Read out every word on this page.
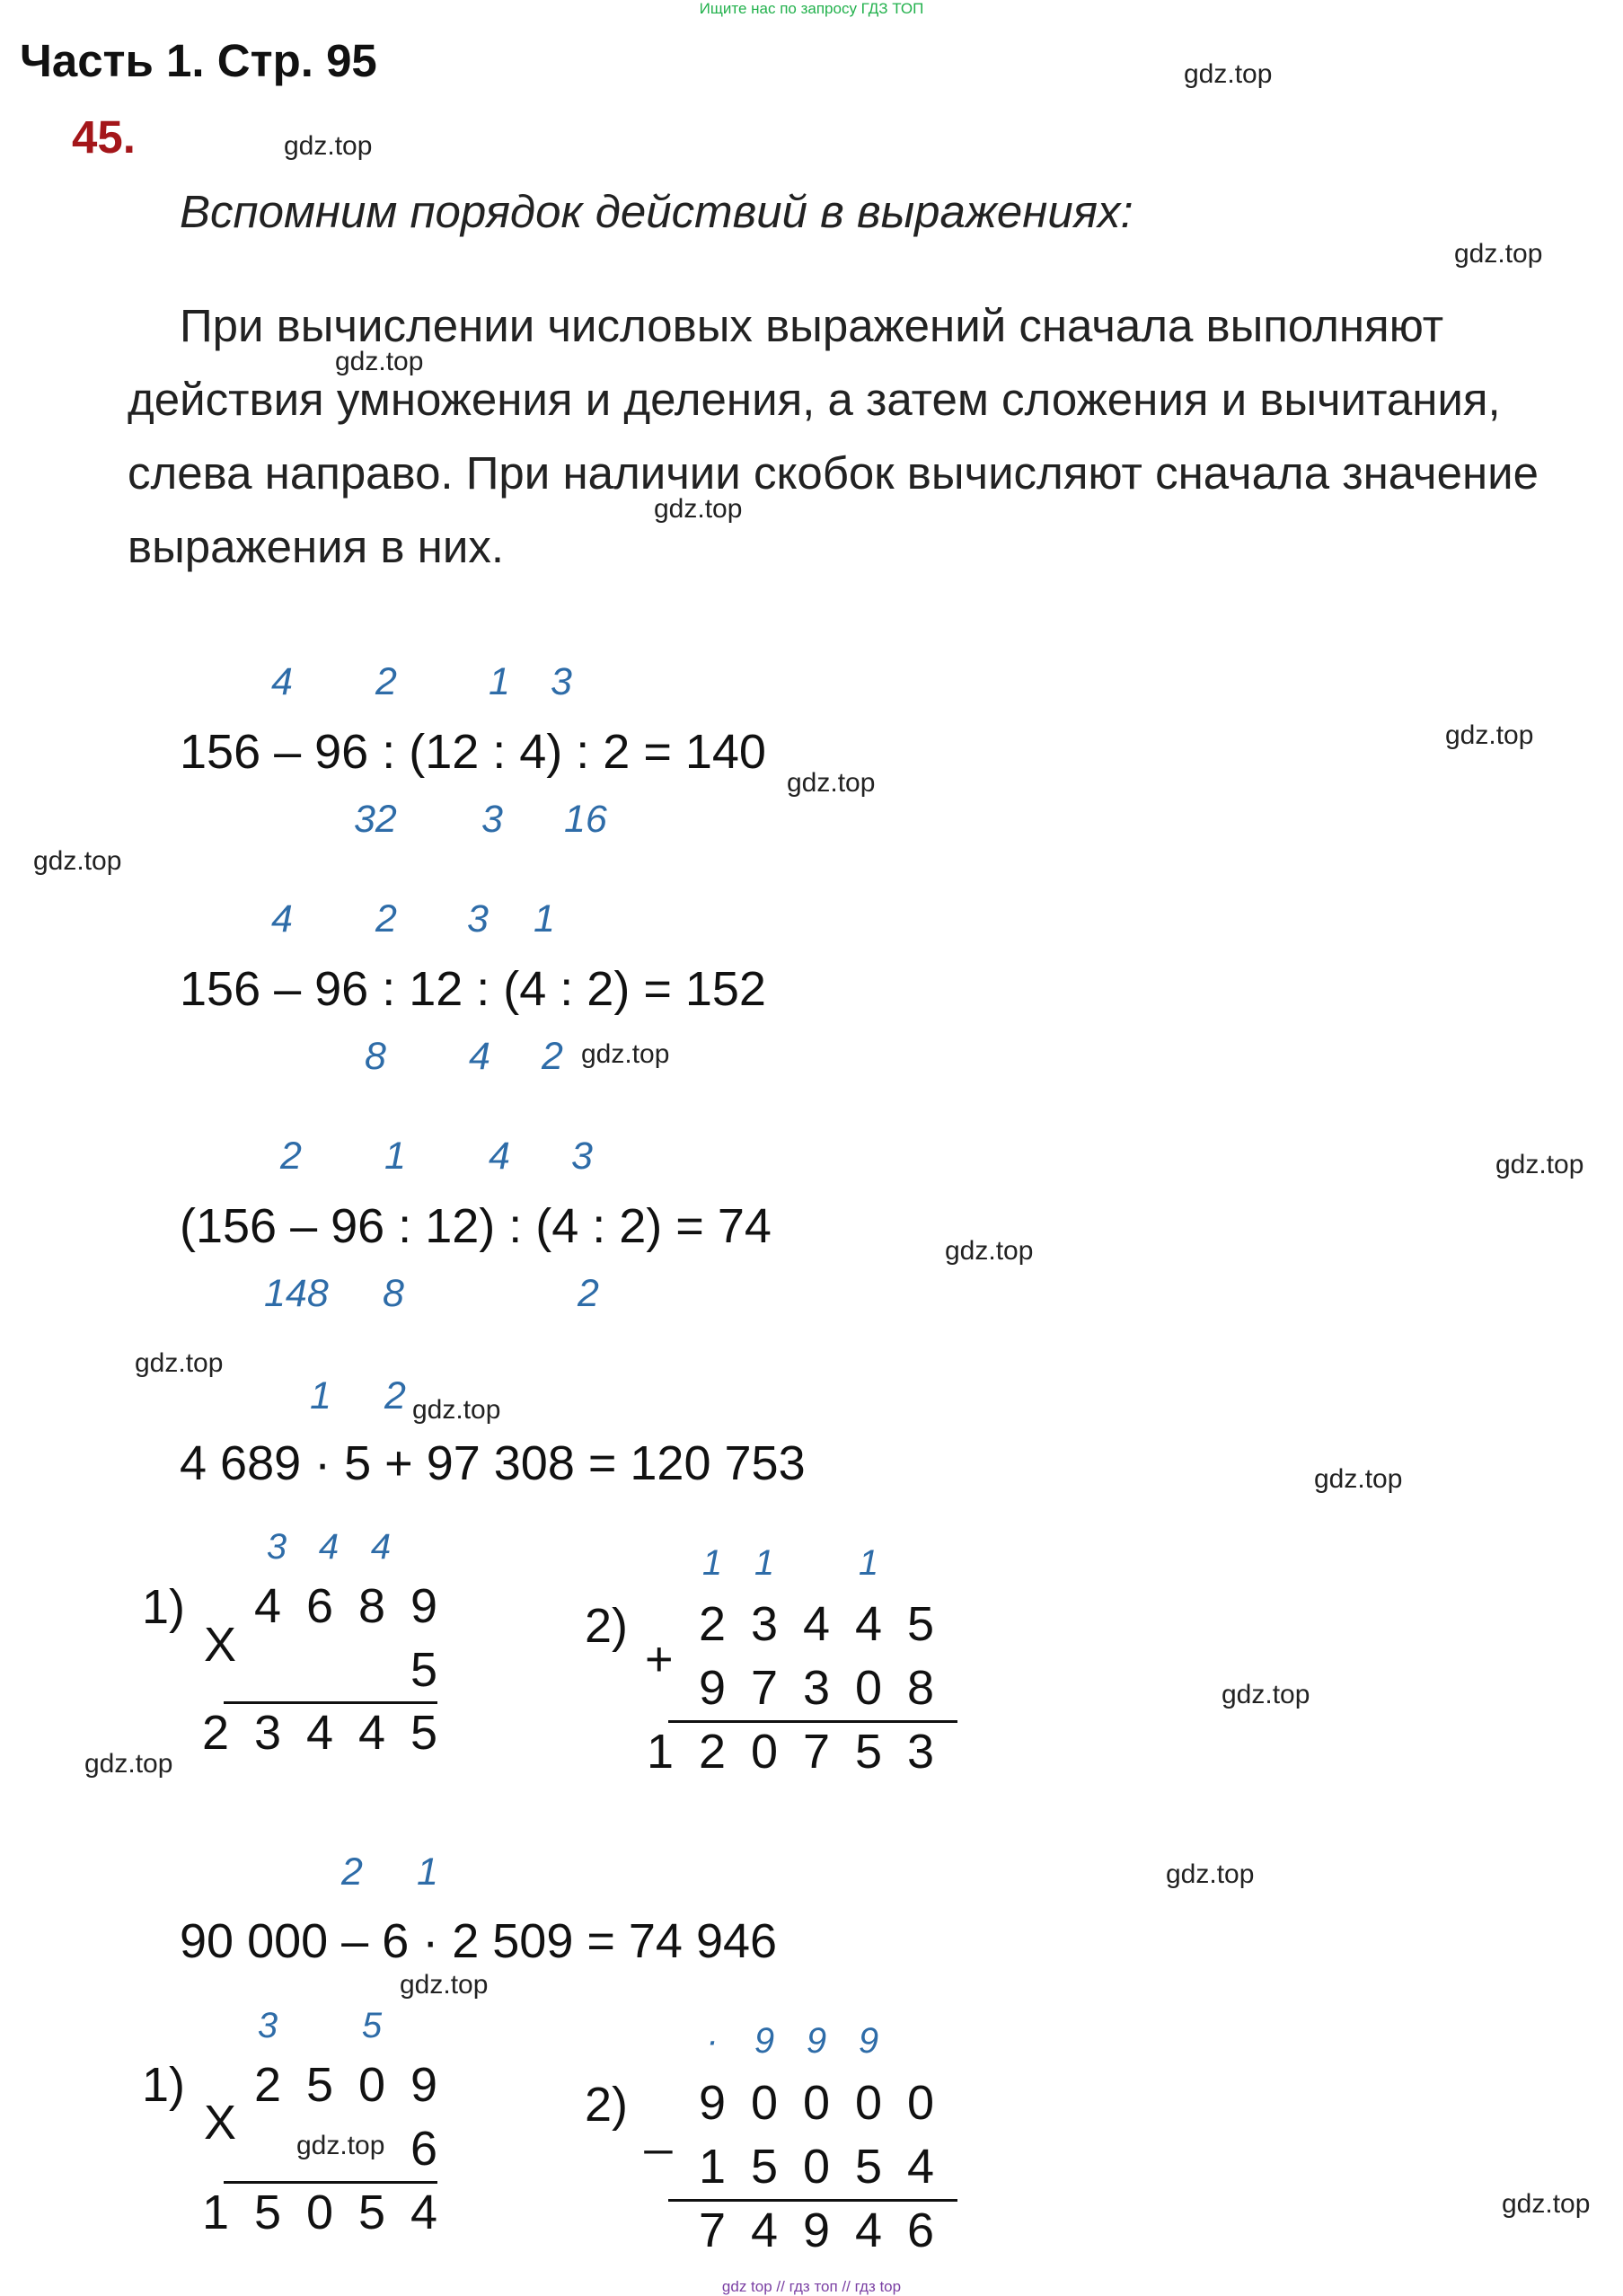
Ищите нас по запросу ГДЗ ТОП
Часть 1. Стр. 95
45.
Вспомним порядок действий в выражениях:

При вычислении числовых выражений сначала выполняют действия умножения и деления, а затем сложения и вычитания, слева направо. При наличии скобок вычисляют сначала значение выражения в них.

gdz.top
gdz.top
gdz.top
gdz.top
gdz.top
gdz.top
gdz.top
gdz.top
gdz.top
gdz.top
gdz.top
gdz.top
gdz.top
gdz.top
gdz.top
gdz.top
gdz.top
gdz.top
gdz.top
gdz.top
4 2 1 3
156 – 96 : (12 : 4) : 2 = 140
32 3 16
4 2 3 1
156 – 96 : 12 : (4 : 2) = 152
8 4 2
2 1 4 3
(156 – 96 : 12) : (4 : 2) = 74
148 8	2
1 2
4 689 · 5 + 97 308 = 120 753
1)
X
3 4 4
4 6 8 9
5
2 3 4 4 5
2)
+
1 1 1
2 3 4 4 5
9 7 3 0 8
1 2 0 7 5 3
2 1
90 000 – 6 · 2 509 = 74 946
1)
X
3 5
2 5 0 9
6
1 5 0 5 4
2) _
· 9 9 9
9 0 0 0 0
1 5 0 5 4
7 4 9 4 6
gdz top // гдз топ // гдз top
